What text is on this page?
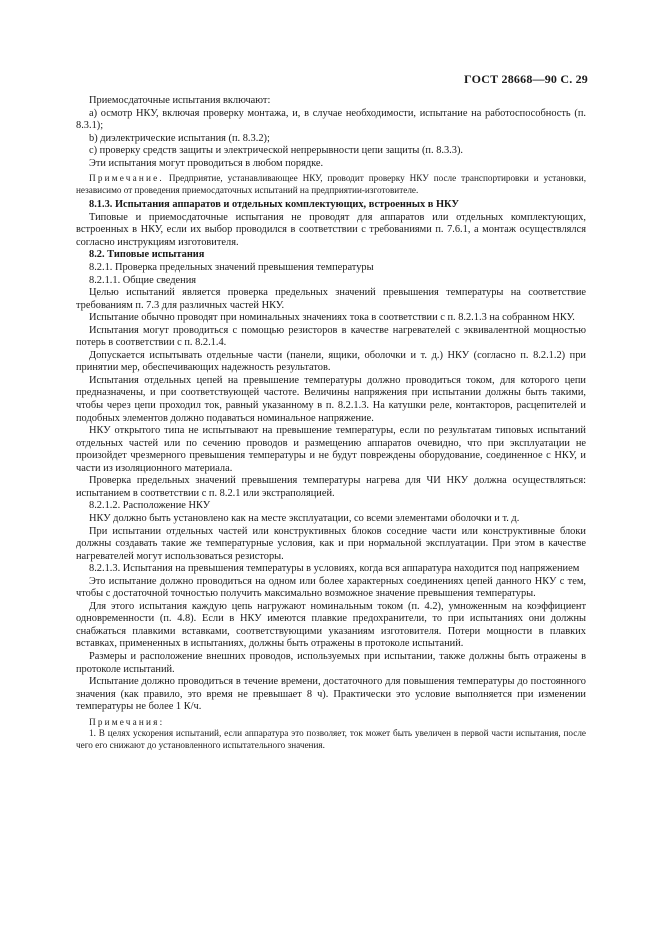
ГОСТ 28668—90 С. 29

Приемосдаточные испытания включают:

а) осмотр НКУ, включая проверку монтажа, и, в случае необходимости, испытание на работоспособность (п. 8.3.1);

b) диэлектрические испытания (п. 8.3.2);

с) проверку средств защиты и электрической непрерывности цепи защиты (п. 8.3.3).

Эти испытания могут проводиться в любом порядке.

Примечание. Предприятие, устанавливающее НКУ, проводит проверку НКУ после транспортировки и установки, независимо от проведения приемосдаточных испытаний на предприятии-изготовителе.

8.1.3. Испытания аппаратов и отдельных комплектующих, встроенных в НКУ

Типовые и приемосдаточные испытания не проводят для аппаратов или отдельных комплектующих, встроенных в НКУ, если их выбор проводился в соответствии с требованиями п. 7.6.1, а монтаж осуществлялся согласно инструкциям изготовителя.

8.2. Типовые испытания

8.2.1. Проверка предельных значений превышения температуры

8.2.1.1. Общие сведения

Целью испытаний является проверка предельных значений превышения температуры на соответствие требованиям п. 7.3 для различных частей НКУ.

Испытание обычно проводят при номинальных значениях тока в соответствии с п. 8.2.1.3 на собранном НКУ.

Испытания могут проводиться с помощью резисторов в качестве нагревателей с эквивалентной мощностью потерь в соответствии с п. 8.2.1.4.

Допускается испытывать отдельные части (панели, ящики, оболочки и т. д.) НКУ (согласно п. 8.2.1.2) при принятии мер, обеспечивающих надежность результатов.

Испытания отдельных цепей на превышение температуры должно проводиться током, для которого цепи предназначены, и при соответствующей частоте. Величины напряжения при испытании должны быть такими, чтобы через цепи проходил ток, равный указанному в п. 8.2.1.3. На катушки реле, контакторов, расцепителей и подобных элементов должно подаваться номинальное напряжение.

НКУ открытого типа не испытывают на превышение температуры, если по результатам типовых испытаний отдельных частей или по сечению проводов и размещению аппаратов очевидно, что при эксплуатации не произойдет чрезмерного превышения температуры и не будут повреждены оборудование, соединенное с НКУ, и части из изоляционного материала.

Проверка предельных значений превышения температуры нагрева для ЧИ НКУ должна осуществляться: испытанием в соответствии с п. 8.2.1 или экстраполяцией.

8.2.1.2. Расположение НКУ

НКУ должно быть установлено как на месте эксплуатации, со всеми элементами оболочки и т. д.

При испытании отдельных частей или конструктивных блоков соседние части или конструктивные блоки должны создавать такие же температурные условия, как и при нормальной эксплуатации. При этом в качестве нагревателей могут использоваться резисторы.

8.2.1.3. Испытания на превышения температуры в условиях, когда вся аппаратура находится под напряжением

Это испытание должно проводиться на одном или более характерных соединениях цепей данного НКУ с тем, чтобы с достаточной точностью получить максимально возможное значение превышения температуры.

Для этого испытания каждую цепь нагружают номинальным током (п. 4.2), умноженным на коэффициент одновременности (п. 4.8). Если в НКУ имеются плавкие предохранители, то при испытаниях они должны снабжаться плавкими вставками, соответствующими указаниям изготовителя. Потери мощности в плавких вставках, примененных в испытаниях, должны быть отражены в протоколе испытаний.

Размеры и расположение внешних проводов, используемых при испытании, также должны быть отражены в протоколе испытаний.

Испытание должно проводиться в течение времени, достаточного для повышения температуры до постоянного значения (как правило, это время не превышает 8 ч). Практически это условие выполняется при изменении температуры не более 1 К/ч.

Примечания:

1. В целях ускорения испытаний, если аппаратура это позволяет, ток может быть увеличен в первой части испытания, после чего его снижают до установленного испытательного значения.
